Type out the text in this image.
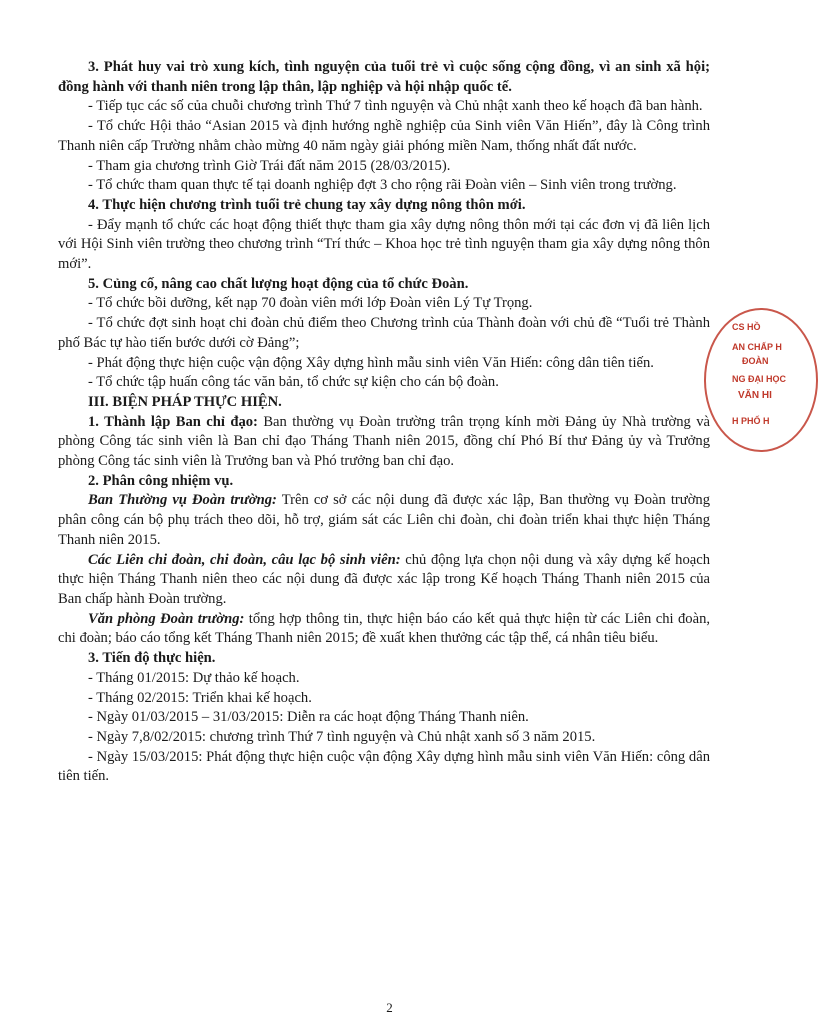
3. Phát huy vai trò xung kích, tình nguyện của tuổi trẻ vì cuộc sống cộng đồng, vì an sinh xã hội; đồng hành với thanh niên trong lập thân, lập nghiệp và hội nhập quốc tế.

- Tiếp tục các số của chuỗi chương trình Thứ 7 tình nguyện và Chủ nhật xanh theo kế hoạch đã ban hành.

- Tổ chức Hội thảo “Asian 2015 và định hướng nghề nghiệp của Sinh viên Văn Hiến”, đây là Công trình Thanh niên cấp Trường nhằm chào mừng 40 năm ngày giải phóng miền Nam, thống nhất đất nước.

- Tham gia chương trình Giờ Trái đất năm 2015 (28/03/2015).

- Tổ chức tham quan thực tế tại doanh nghiệp đợt 3 cho rộng rãi Đoàn viên – Sinh viên trong trường.

4. Thực hiện chương trình tuổi trẻ chung tay xây dựng nông thôn mới.

- Đẩy mạnh tổ chức các hoạt động thiết thực tham gia xây dựng nông thôn mới tại các đơn vị đã liên lịch với Hội Sinh viên trường theo chương trình “Trí thức – Khoa học trẻ tình nguyện tham gia xây dựng nông thôn mới”.

5. Củng cố, nâng cao chất lượng hoạt động của tổ chức Đoàn.

- Tổ chức bồi dưỡng, kết nạp 70 đoàn viên mới lớp Đoàn viên Lý Tự Trọng.

- Tổ chức đợt sinh hoạt chi đoàn chủ điểm theo Chương trình của Thành đoàn với chủ đề “Tuổi trẻ Thành phố Bác tự hào tiến bước dưới cờ Đảng”;

- Phát động thực hiện cuộc vận động Xây dựng hình mẫu sinh viên Văn Hiến: công dân tiên tiến.

- Tổ chức tập huấn công tác văn bản, tổ chức sự kiện cho cán bộ đoàn.

III. BIỆN PHÁP THỰC HIỆN.

1. Thành lập Ban chỉ đạo: Ban thường vụ Đoàn trường trân trọng kính mời Đảng ủy Nhà trường và phòng Công tác sinh viên là Ban chỉ đạo Tháng Thanh niên 2015, đồng chí Phó Bí thư Đảng ủy và Trưởng phòng Công tác sinh viên là Trưởng ban và Phó trưởng ban chỉ đạo.

2. Phân công nhiệm vụ.

Ban Thường vụ Đoàn trường: Trên cơ sở các nội dung đã được xác lập, Ban thường vụ Đoàn trường phân công cán bộ phụ trách theo dõi, hỗ trợ, giám sát các Liên chi đoàn, chi đoàn triển khai thực hiện Tháng Thanh niên 2015.

Các Liên chi đoàn, chi đoàn, câu lạc bộ sinh viên: chủ động lựa chọn nội dung và xây dựng kế hoạch thực hiện Tháng Thanh niên theo các nội dung đã được xác lập trong Kế hoạch Tháng Thanh niên 2015 của Ban chấp hành Đoàn trường.

Văn phòng Đoàn trường: tổng hợp thông tin, thực hiện báo cáo kết quả thực hiện từ các Liên chi đoàn, chi đoàn; báo cáo tổng kết Tháng Thanh niên 2015; đề xuất khen thưởng các tập thể, cá nhân tiêu biểu.

3. Tiến độ thực hiện.

- Tháng 01/2015: Dự thảo kế hoạch.

- Tháng 02/2015: Triển khai kế hoạch.

- Ngày 01/03/2015 – 31/03/2015: Diễn ra các hoạt động Tháng Thanh niên.

- Ngày 7,8/02/2015: chương trình Thứ 7 tình nguyện và Chủ nhật xanh số 3 năm 2015.

- Ngày 15/03/2015: Phát động thực hiện cuộc vận động Xây dựng hình mẫu sinh viên Văn Hiến: công dân tiên tiến.

CS HỒ
AN CHẤP H
ĐOÀN
NG ĐẠI HỌC
VĂN HI
H PHỐ H
2
